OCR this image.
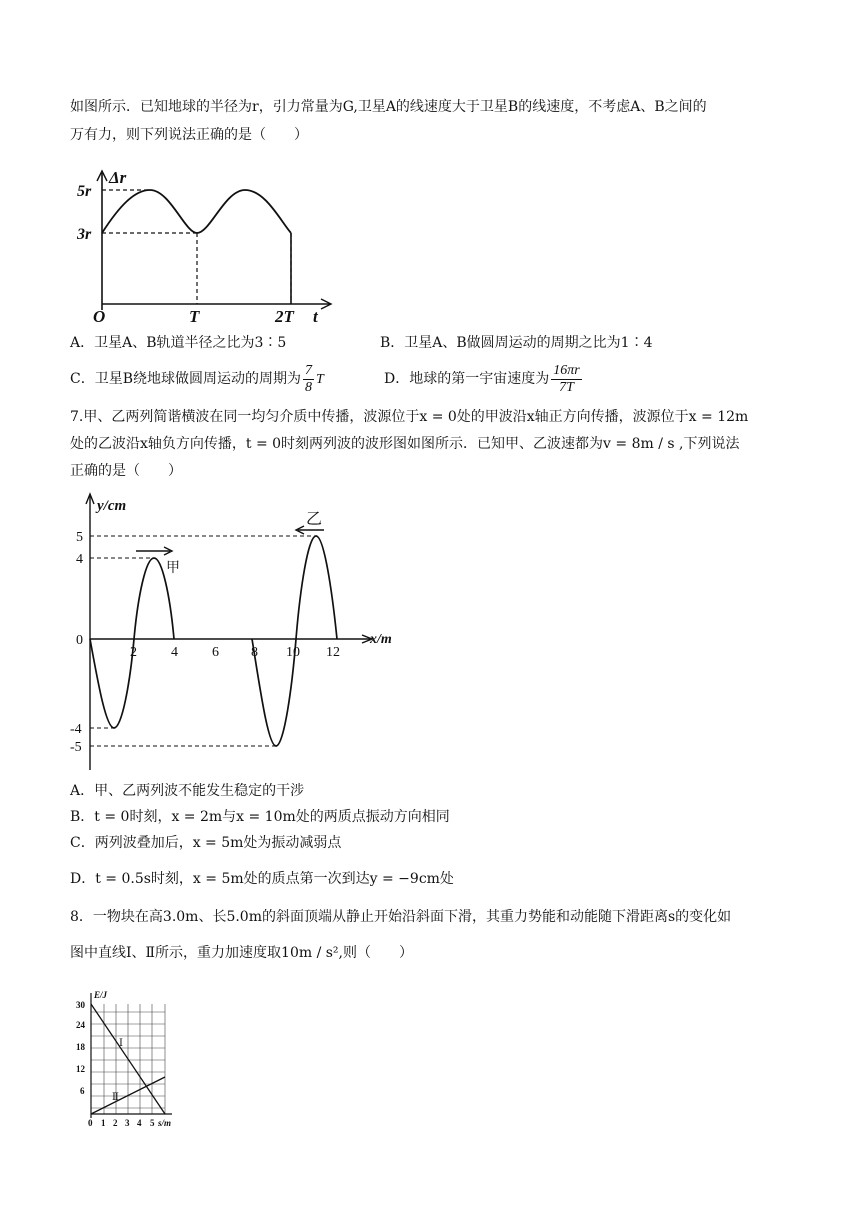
如图所示．已知地球的半径为r，引力常量为G,卫星A的线速度大于卫星B的线速度，不考虑A、B之间的
万有力，则下列说法正确的是（　　）
Δr
5r
3r
O	T	2T t
A．卫星A、B轨道半径之比为3∶5	B．卫星A、B做圆周运动的周期之比为1∶4
C．卫星B绕地球做圆周运动的周期为 $\frac{7}{8}$ T	D．地球的第一宇宙速度为 $\frac{16\pi r}{7T}$
7.甲、乙两列简谐横波在同一均匀介质中传播，波源位于x = 0处的甲波沿x轴正方向传播，波源位于x = 12m
处的乙波沿x轴负方向传播，t = 0时刻两列波的波形图如图所示．已知甲、乙波速都为v = 8m / s ,下列说法
正确的是（　　）
y/cm
5
4
0
-4
-5
2 4 6 8 10 12
x/m
甲
乙
A．甲、乙两列波不能发生稳定的干涉
B．t = 0时刻，x = 2m与x = 10m处的两质点振动方向相同
C．两列波叠加后，x = 5m处为振动减弱点
D．t = 0.5s时刻，x = 5m处的质点第一次到达y = −9cm处
8．一物块在高3.0m、长5.0m的斜面顶端从静止开始沿斜面下滑，其重力势能和动能随下滑距离s的变化如
图中直线Ⅰ、Ⅱ所示，重力加速度取10m / s²,则（　　）
E/J
30
24
18
12
6
0 1 2 3 4 5 s/m
Ⅰ
Ⅱ
